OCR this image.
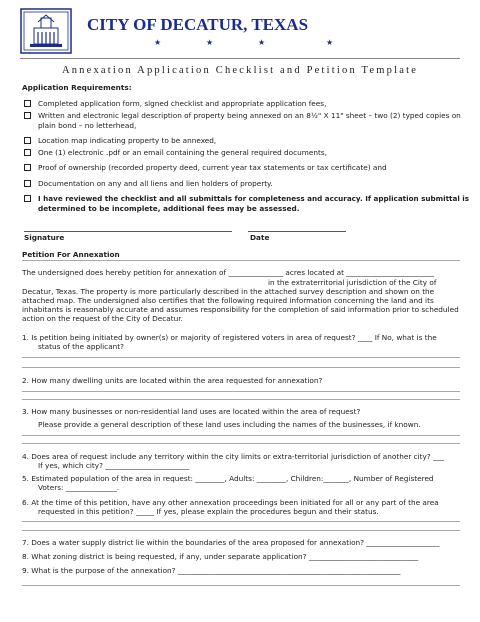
CITY OF DECATUR, TEXAS
★	★	★	★
Annexation Application Checklist and Petition Template
Application Requirements:
Completed application form, signed checklist and appropriate application fees,
Written and electronic legal description of property being annexed on an 8½" X 11" sheet – two (2) typed copies on
plain bond – no letterhead,
Location map indicating property to be annexed,
One (1) electronic .pdf or an email containing the general required documents,
Proof of ownership (recorded property deed, current year tax statements or tax certificate) and
Documentation on any and all liens and lien holders of property.
I have reviewed the checklist and all submittals for completeness and accuracy. If application submittal is
determined to be incomplete, additional fees may be assessed.
Signature	Date
Petition For Annexation
The undersigned does hereby petition for annexation of _______________ acres located at ________________________
in the extraterritorial jurisdiction of the City of
Decatur, Texas. The property is more particularly described in the attached survey description and shown on the
attached map. The undersigned also certifies that the following required information concerning the land and its
inhabitants is reasonably accurate and assumes responsibility for the completion of said information prior to scheduled
action on the request of the City of Decatur.
1. Is petition being initiated by owner(s) or majority of registered voters in area of request? ____ If No, what is the
status of the applicant?
2. How many dwelling units are located within the area requested for annexation?
3. How many businesses or non-residential land uses are located within the area of request?
Please provide a general description of these land uses including the names of the businesses, if known.
4. Does area of request include any territory within the city limits or extra-territorial jurisdiction of another city? ___
If yes, which city? _______________________
5. Estimated population of the area in request: ________, Adults: ________, Children:_______, Number of Registered
Voters: ______________.
6. At the time of this petition, have any other annexation proceedings been initiated for all or any part of the area
requested in this petition? _____ If yes, please explain the procedures begun and their status.
7. Does a water supply district lie within the boundaries of the area proposed for annexation? ____________________
8. What zoning district is being requested, if any, under separate application? ______________________________
9. What is the purpose of the annexation? _____________________________________________________________
